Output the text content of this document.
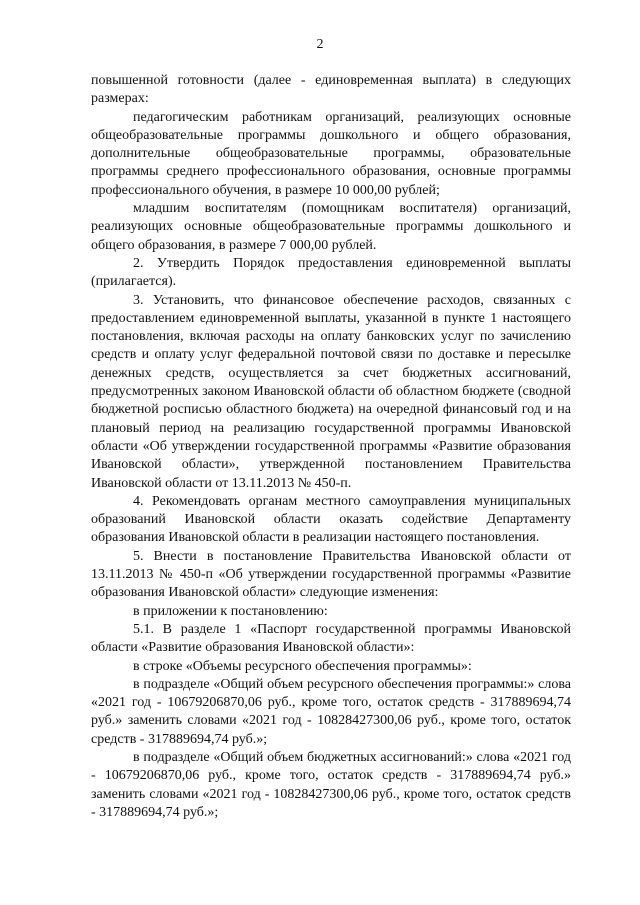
2

повышенной готовности (далее - единовременная выплата) в следующих размерах:

педагогическим работникам организаций, реализующих основные общеобразовательные программы дошкольного и общего образования, дополнительные общеобразовательные программы, образовательные программы среднего профессионального образования, основные программы профессионального обучения, в размере 10 000,00 рублей;

младшим воспитателям (помощникам воспитателя) организаций, реализующих основные общеобразовательные программы дошкольного и общего образования, в размере 7 000,00 рублей.

2. Утвердить Порядок предоставления единовременной выплаты (прилагается).

3. Установить, что финансовое обеспечение расходов, связанных с предоставлением единовременной выплаты, указанной в пункте 1 настоящего постановления, включая расходы на оплату банковских услуг по зачислению средств и оплату услуг федеральной почтовой связи по доставке и пересылке денежных средств, осуществляется за счет бюджетных ассигнований, предусмотренных законом Ивановской области об областном бюджете (сводной бюджетной росписью областного бюджета) на очередной финансовый год и на плановый период на реализацию государственной программы Ивановской области «Об утверждении государственной программы «Развитие образования Ивановской области», утвержденной постановлением Правительства Ивановской области от 13.11.2013 № 450-п.

4. Рекомендовать органам местного самоуправления муниципальных образований Ивановской области оказать содействие Департаменту образования Ивановской области в реализации настоящего постановления.

5. Внести в постановление Правительства Ивановской области от 13.11.2013 № 450-п «Об утверждении государственной программы «Развитие образования Ивановской области» следующие изменения:

в приложении к постановлению:

5.1. В разделе 1 «Паспорт государственной программы Ивановской области «Развитие образования Ивановской области»:

в строке «Объемы ресурсного обеспечения программы»:

в подразделе «Общий объем ресурсного обеспечения программы:» слова «2021 год - 10679206870,06 руб., кроме того, остаток средств - 317889694,74 руб.» заменить словами «2021 год - 10828427300,06 руб., кроме того, остаток средств - 317889694,74 руб.»;

в подразделе «Общий объем бюджетных ассигнований:» слова «2021 год - 10679206870,06 руб., кроме того, остаток средств - 317889694,74 руб.» заменить словами «2021 год - 10828427300,06 руб., кроме того, остаток средств - 317889694,74 руб.»;
